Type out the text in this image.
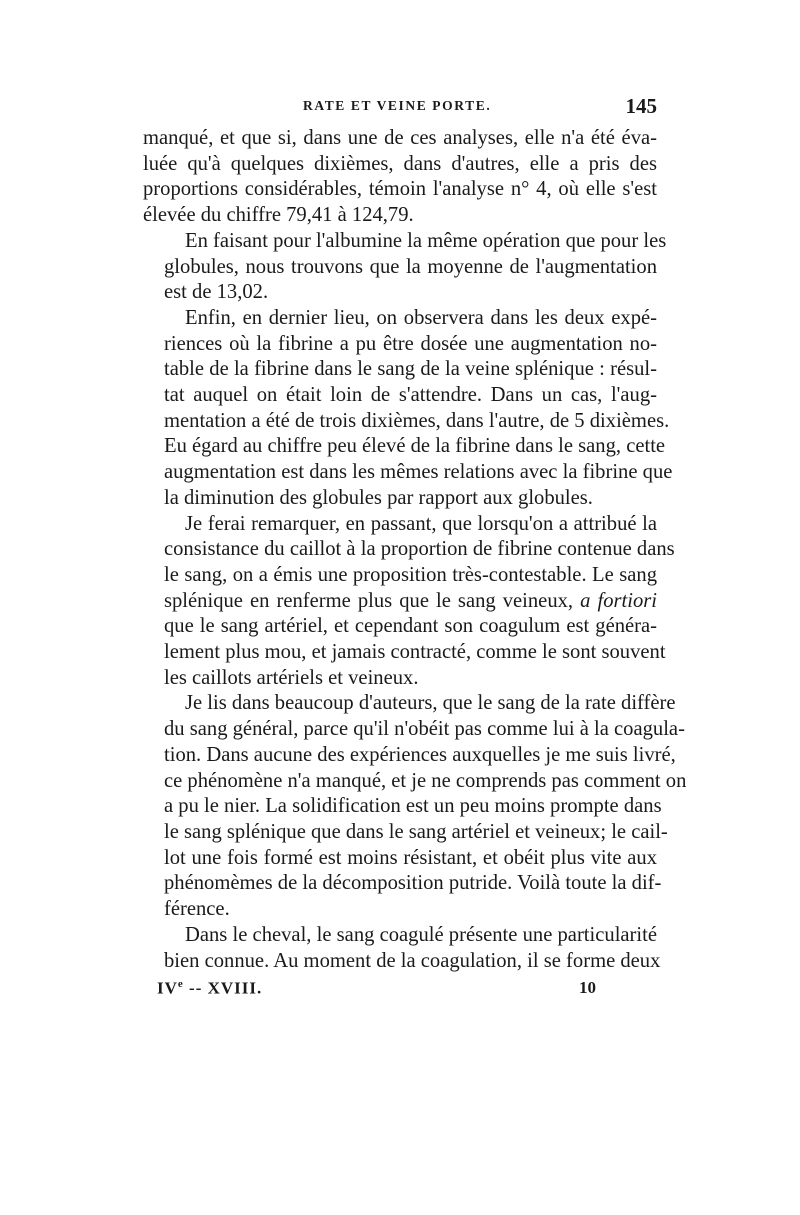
RATE ET VEINE PORTE.	145

manqué, et que si, dans une de ces analyses, elle n'a été éva-
luée qu'à quelques dixièmes, dans d'autres, elle a pris des
proportions considérables, témoin l'analyse n° 4, où elle s'est
élevée du chiffre 79,41 à 124,79.

En faisant pour l'albumine la même opération que pour les
globules, nous trouvons que la moyenne de l'augmentation
est de 13,02.

Enfin, en dernier lieu, on observera dans les deux expé-
riences où la fibrine a pu être dosée une augmentation no-
table de la fibrine dans le sang de la veine splénique : résul-
tat auquel on était loin de s'attendre. Dans un cas, l'aug-
mentation a été de trois dixièmes, dans l'autre, de 5 dixièmes.
Eu égard au chiffre peu élevé de la fibrine dans le sang, cette
augmentation est dans les mêmes relations avec la fibrine que
la diminution des globules par rapport aux globules.

Je ferai remarquer, en passant, que lorsqu'on a attribué la
consistance du caillot à la proportion de fibrine contenue dans
le sang, on a émis une proposition très-contestable. Le sang
splénique en renferme plus que le sang veineux, a fortiori
que le sang artériel, et cependant son coagulum est généra-
lement plus mou, et jamais contracté, comme le sont souvent
les caillots artériels et veineux.

Je lis dans beaucoup d'auteurs, que le sang de la rate diffère
du sang général, parce qu'il n'obéit pas comme lui à la coagula-
tion. Dans aucune des expériences auxquelles je me suis livré,
ce phénomène n'a manqué, et je ne comprends pas comment on
a pu le nier. La solidification est un peu moins prompte dans
le sang splénique que dans le sang artériel et veineux; le cail-
lot une fois formé est moins résistant, et obéit plus vite aux
phénomèmes de la décomposition putride. Voilà toute la dif-
férence.

Dans le cheval, le sang coagulé présente une particularité
bien connue. Au moment de la coagulation, il se forme deux

IVe -- XVIII.	10
